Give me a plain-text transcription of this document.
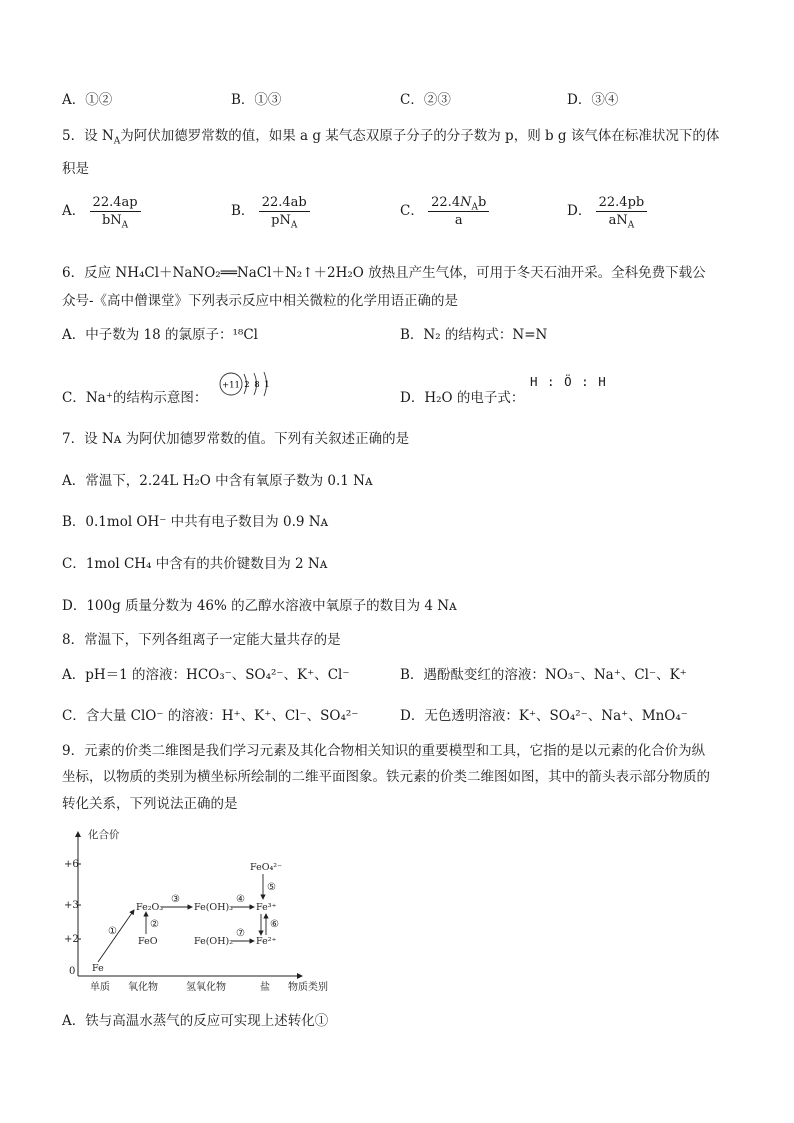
A．①②	B．①③	C．②③	D．③④
5．设 $N_A$为阿伏加德罗常数的值，如果 a g 某气态双原子分子的分子数为 p，则 b g 该气体在标准状况下的体
积是
A． $\frac{22.4ap}{bN_A}$	B． $\frac{22.4ab}{pN_A}$	C． $\frac{22.4N_Ab}{a}$	D． $\frac{22.4pb}{aN_A}$
6．反应 NH₄Cl＋NaNO₂══NaCl＋N₂↑＋2H₂O 放热且产生气体，可用于冬天石油开采。全科免费下载公
众号-《高中僧课堂》下列表示反应中相关微粒的化学用语正确的是
A．中子数为 18 的氯原子：¹⁸Cl	B．N₂ 的结构式：N=N
C．Na⁺的结构示意图：
+11 2 8 1
D．H₂O 的电子式：
H : Ö : H
7．设 Nᴀ 为阿伏加德罗常数的值。下列有关叙述正确的是
A．常温下，2.24L H₂O 中含有氧原子数为 0.1 Nᴀ
B．0.1mol OH⁻ 中共有电子数目为 0.9 Nᴀ
C．1mol CH₄ 中含有的共价键数目为 2 Nᴀ
D．100g 质量分数为 46% 的乙醇水溶液中氧原子的数目为 4 Nᴀ
8．常温下，下列各组离子一定能大量共存的是
A．pH＝1 的溶液：HCO₃⁻、SO₄²⁻、K⁺、Cl⁻	B．遇酚酞变红的溶液：NO₃⁻、Na⁺、Cl⁻、K⁺
C．含大量 ClO⁻ 的溶液：H⁺、K⁺、Cl⁻、SO₄²⁻	D．无色透明溶液：K⁺、SO₄²⁻、Na⁺、MnO₄⁻
9．元素的价类二维图是我们学习元素及其化合物相关知识的重要模型和工具，它指的是以元素的化合价为纵
坐标，以物质的类别为横坐标所绘制的二维平面图象。铁元素的价类二维图如图，其中的箭头表示部分物质的
转化关系，下列说法正确的是
化合价
+6
+3
+2
0
单质 氧化物	氢氧化物	盐 物质类别
Fe
Fe₂O₃
FeO
Fe(OH)₃
Fe(OH)₂
Fe³⁺
Fe²⁺
FeO₄²⁻
①
②
③	④
⑤
⑥
⑦
A．铁与高温水蒸气的反应可实现上述转化①
